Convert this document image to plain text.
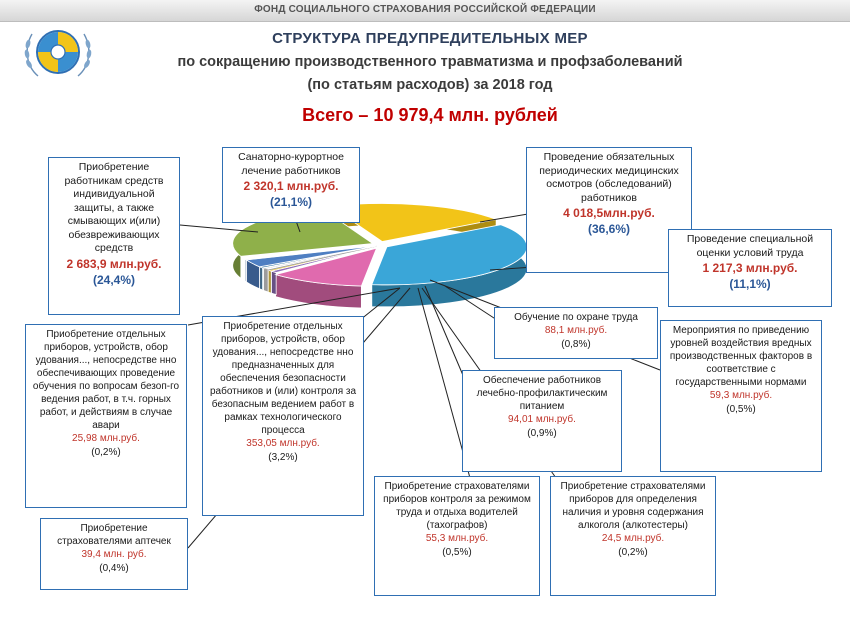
ФОНД СОЦИАЛЬНОГО СТРАХОВАНИЯ РОССИЙСКОЙ ФЕДЕРАЦИИ
СТРУКТУРА ПРЕДУПРЕДИТЕЛЬНЫХ МЕР
по сокращению производственного травматизма и профзаболеваний
(по статьям расходов) за 2018 год
Всего – 10 979,4 млн. рублей
Санаторно-курортное лечение работников
2 320,1 млн.руб.
(21,1%)
Приобретение работникам средств индивидуальной защиты, а также смывающих и(или) обезвреживающих средств
2 683,9 млн.руб.
(24,4%)
Проведение обязательных периодических медицинских осмотров (обследований) работников
4 018,5млн.руб.
(36,6%)
Проведение специальной оценки условий труда
1 217,3 млн.руб.
(11,1%)
Обучение по охране труда
88,1 млн.руб.
(0,8%)
Мероприятия по приведению уровней воздействия вредных производственных факторов в соответствие с государственными нормами
59,3 млн.руб.
(0,5%)
Обеспечение работников лечебно-профилактическим питанием
94,01 млн.руб.
(0,9%)
Приобретение отдельных приборов, устройств, обор удования..., непосредстве нно предназначенных для обеспечения безопасности работников и (или) контроля за безопасным ведением работ в рамках технологического процесса
353,05 млн.руб.
(3,2%)
Приобретение отдельных приборов, устройств, обор удования..., непосредстве нно обеспечивающих проведение обучения по вопросам безоп-го ведения работ, в т.ч. горных работ, и действиям в случае авари
25,98 млн.руб.
(0,2%)
Приобретение страхователями аптечек
39,4 млн. руб.
(0,4%)
Приобретение страхователями приборов контроля за режимом труда и отдыха водителей (тахографов)
55,3 млн.руб.
(0,5%)
Приобретение страхователями приборов для определения наличия и уровня содержания алкоголя (алкотестеры)
24,5 млн.руб.
(0,2%)
